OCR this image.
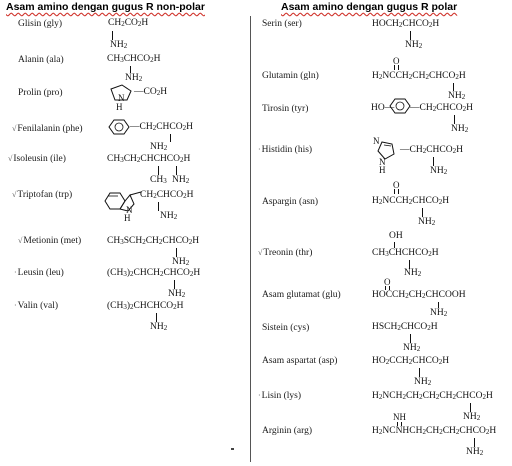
Asam amino dengan gugus R non-polar	Asam amino dengan gugus R polar
Glisin (gly)	$CH_2CO_2H$
$NH_2$
Alanin (ala)	$CH_3CHCO_2H$
$NH_2$
Prolin (pro)	$—CO_2H$
N
H
√Fenilalanin (phe)	$—CH_2CHCO_2H$
$NH_2$
√Isoleusin (ile)	$CH_3CH_2CHCHCO_2H$
$CH_3$ $NH_2$
√Triptofan (trp)	$CH_2CHCO_2H$
$NH_2$
N
H
√Metionin (met)	$CH_3SCH_2CH_2CHCO_2H$
$NH_2$
·Leusin (leu)	$(CH_3)_2CHCH_2CHCO_2H$
$NH_2$
·Valin (val)	$(CH_3)_2CHCHCO_2H$
$NH_2$
Serin (ser)	$HOCH_2CHCO_2H$
$NH_2$
O
Glutamin (gln)	$H_2NCCH_2CH_2CHCO_2H$
$NH_2$
Tirosin (tyr)	HO— $—CH_2CHCO_2H$
$NH_2$
·Histidin (his)
N
N
H
$—CH_2CHCO_2H$
$NH_2$
O
Aspargin (asn)	$H_2NCCH_2CHCO_2H$
$NH_2$
OH
√Treonin (thr)	$CH_3CHCHCO_2H$
$NH_2$
O
Asam glutamat (glu)	$HOCCH_2CH_2CHCOOH$
$NH_2$
Sistein (cys)	$HSCH_2CHCO_2H$
$NH_2$
Asam aspartat (asp)	$HO_2CCH_2CHCO_2H$
$NH_2$
·Lisin (lys)	$H_2NCH_2CH_2CH_2CH_2CHCO_2H$
$NH_2$
NH
Arginin (arg)	$H_2NCNHCH_2CH_2CH_2CHCO_2H$
$NH_2$
